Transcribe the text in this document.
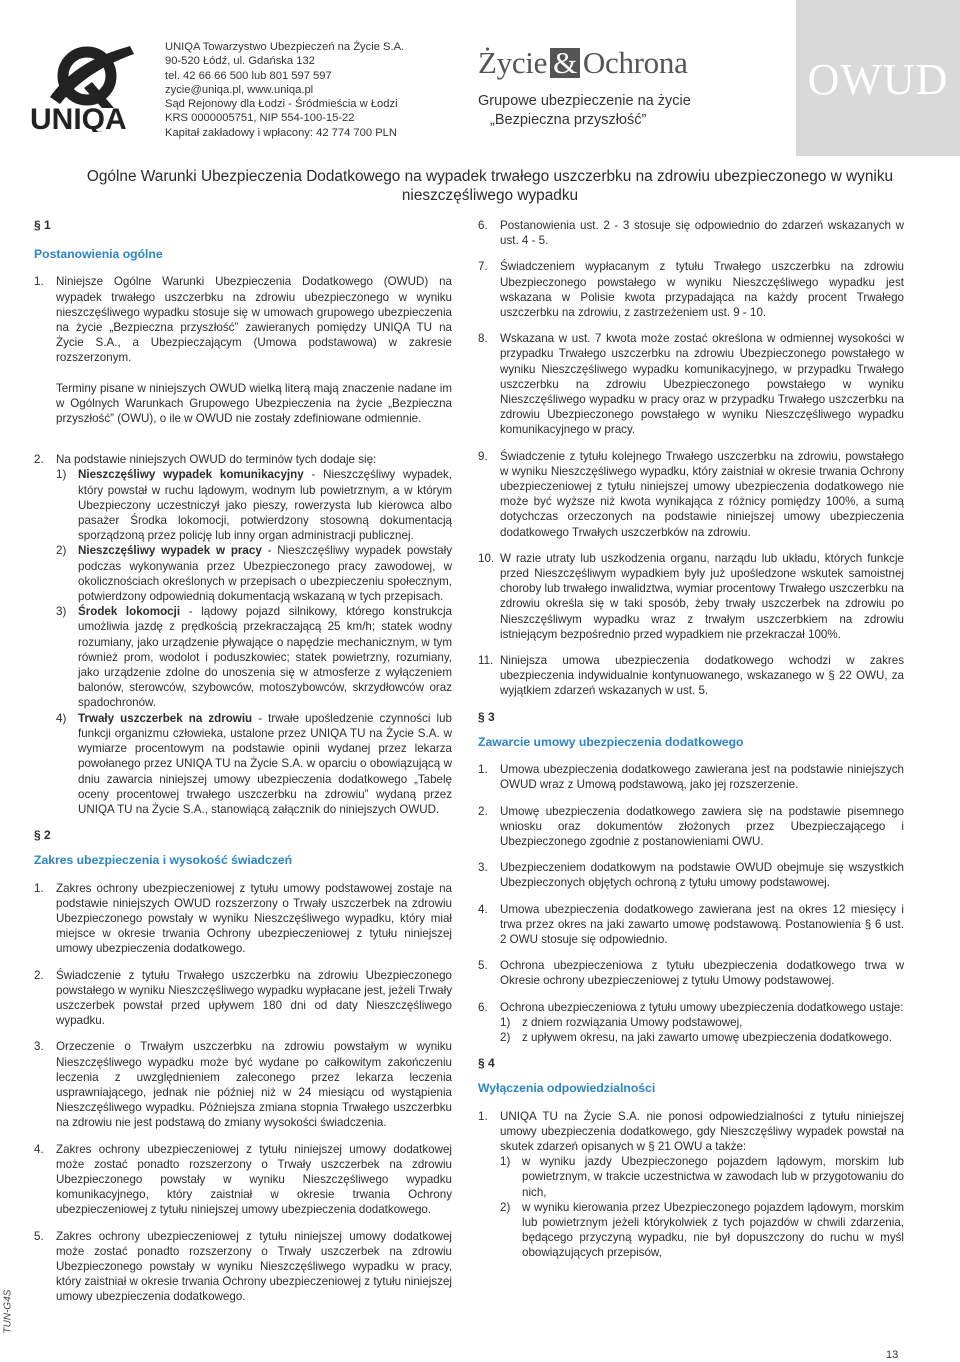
UNIQA
UNIQA Towarzystwo Ubezpieczeń na Życie S.A.
90-520 Łódź, ul. Gdańska 132
tel. 42 66 66 500 lub 801 597 597
zycie@uniqa.pl, www.uniqa.pl
Sąd Rejonowy dla Łodzi - Śródmieścia w Łodzi
KRS 0000005751, NIP 554-100-15-22
Kapitał zakładowy i wpłacony: 42 774 700 PLN
Życie & Ochrona
Grupowe ubezpieczenie na życie
„Bezpieczna przyszłość”
OWUD
Ogólne Warunki Ubezpieczenia Dodatkowego na wypadek trwałego uszczerbku na zdrowiu ubezpieczonego w wyniku nieszczęśliwego wypadku
§ 1
Postanowienia ogólne
1.	Niniejsze Ogólne Warunki Ubezpieczenia Dodatkowego (OWUD) na wypadek trwałego uszczerbku na zdrowiu ubezpieczonego w wyniku nieszczęśliwego wypadku stosuje się w umowach grupowego ubezpieczenia na życie „Bezpieczna przyszłość” zawieranych pomiędzy UNIQA TU na Życie S.A., a Ubezpieczającym (Umowa podstawowa) w zakresie rozszerzonym.

Terminy pisane w niniejszych OWUD wielką literą mają znaczenie nadane im w Ogólnych Warunkach Grupowego Ubezpieczenia na życie „Bezpieczna przyszłość” (OWU), o ile w OWUD nie zostały zdefiniowane odmiennie.

2.	Na podstawie niniejszych OWUD do terminów tych dodaje się:
1)	Nieszczęśliwy wypadek komunikacyjny - Nieszczęśliwy wypadek, który powstał w ruchu lądowym, wodnym lub powietrznym, a w którym Ubezpieczony uczestniczył jako pieszy, rowerzysta lub kierowca albo pasażer Środka lokomocji, potwierdzony stosowną dokumentacją sporządzoną przez policję lub inny organ administracji publicznej.
2)	Nieszczęśliwy wypadek w pracy - Nieszczęśliwy wypadek powstały podczas wykonywania przez Ubezpieczonego pracy zawodowej, w okolicznościach określonych w przepisach o ubezpieczeniu społecznym, potwierdzony odpowiednią dokumentacją wskazaną w tych przepisach.
3)	Środek lokomocji - lądowy pojazd silnikowy, którego konstrukcja umożliwia jazdę z prędkością przekraczającą 25 km/h; statek wodny rozumiany, jako urządzenie pływające o napędzie mechanicznym, w tym również prom, wodolot i poduszkowiec; statek powietrzny, rozumiany, jako urządzenie zdolne do unoszenia się w atmosferze z wyłączeniem balonów, sterowców, szybowców, motoszybowców, skrzydłowców oraz spadochronów.
4)	Trwały uszczerbek na zdrowiu - trwałe upośledzenie czynności lub funkcji organizmu człowieka, ustalone przez UNIQA TU na Życie S.A. w wymiarze procentowym na podstawie opinii wydanej przez lekarza powołanego przez UNIQA TU na Życie S.A. w oparciu o obowiązującą w dniu zawarcia niniejszej umowy ubezpieczenia dodatkowego „Tabelę oceny procentowej trwałego uszczerbku na zdrowiu” wydaną przez UNIQA TU na Życie S.A., stanowiącą załącznik do niniejszych OWUD.
§ 2
Zakres ubezpieczenia i wysokość świadczeń
1.	Zakres ochrony ubezpieczeniowej z tytułu umowy podstawowej zostaje na podstawie niniejszych OWUD rozszerzony o Trwały uszczerbek na zdrowiu Ubezpieczonego powstały w wyniku Nieszczęśliwego wypadku, który miał miejsce w okresie trwania Ochrony ubezpieczeniowej z tytułu niniejszej umowy ubezpieczenia dodatkowego.
2.	Świadczenie z tytułu Trwałego uszczerbku na zdrowiu Ubezpieczonego powstałego w wyniku Nieszczęśliwego wypadku wypłacane jest, jeżeli Trwały uszczerbek powstał przed upływem 180 dni od daty Nieszczęśliwego wypadku.
3.	Orzeczenie o Trwałym uszczerbku na zdrowiu powstałym w wyniku Nieszczęśliwego wypadku może być wydane po całkowitym zakończeniu leczenia z uwzględnieniem zaleconego przez lekarza leczenia usprawniającego, jednak nie później niż w 24 miesiącu od wystąpienia Nieszczęśliwego wypadku. Późniejsza zmiana stopnia Trwałego uszczerbku na zdrowiu nie jest podstawą do zmiany wysokości świadczenia.
4.	Zakres ochrony ubezpieczeniowej z tytułu niniejszej umowy dodatkowej może zostać ponadto rozszerzony o Trwały uszczerbek na zdrowiu Ubezpieczonego powstały w wyniku Nieszczęśliwego wypadku komunikacyjnego, który zaistniał w okresie trwania Ochrony ubezpieczeniowej z tytułu niniejszej umowy ubezpieczenia dodatkowego.
5.	Zakres ochrony ubezpieczeniowej z tytułu niniejszej umowy dodatkowej może zostać ponadto rozszerzony o Trwały uszczerbek na zdrowiu Ubezpieczonego powstały w wyniku Nieszczęśliwego wypadku w pracy, który zaistniał w okresie trwania Ochrony ubezpieczeniowej z tytułu niniejszej umowy ubezpieczenia dodatkowego.
6.	Postanowienia ust. 2 - 3 stosuje się odpowiednio do zdarzeń wskazanych w ust. 4 - 5.
7.	Świadczeniem wypłacanym z tytułu Trwałego uszczerbku na zdrowiu Ubezpieczonego powstałego w wyniku Nieszczęśliwego wypadku jest wskazana w Polisie kwota przypadająca na każdy procent Trwałego uszczerbku na zdrowiu, z zastrzeżeniem ust. 9 - 10.
8.	Wskazana w ust. 7 kwota może zostać określona w odmiennej wysokości w przypadku Trwałego uszczerbku na zdrowiu Ubezpieczonego powstałego w wyniku Nieszczęśliwego wypadku komunikacyjnego, w przypadku Trwałego uszczerbku na zdrowiu Ubezpieczonego powstałego w wyniku Nieszczęśliwego wypadku w pracy oraz w przypadku Trwałego uszczerbku na zdrowiu Ubezpieczonego powstałego w wyniku Nieszczęśliwego wypadku komunikacyjnego w pracy.
9.	Świadczenie z tytułu kolejnego Trwałego uszczerbku na zdrowiu, powstałego w wyniku Nieszczęśliwego wypadku, który zaistniał w okresie trwania Ochrony ubezpieczeniowej z tytułu niniejszej umowy ubezpieczenia dodatkowego nie może być wyższe niż kwota wynikająca z różnicy pomiędzy 100%, a sumą dotychczas orzeczonych na podstawie niniejszej umowy ubezpieczenia dodatkowego Trwałych uszczerbków na zdrowiu.
10. W razie utraty lub uszkodzenia organu, narządu lub układu, których funkcje przed Nieszczęśliwym wypadkiem były już upośledzone wskutek samoistnej choroby lub trwałego inwalidztwa, wymiar procentowy Trwałego uszczerbku na zdrowiu określa się w taki sposób, żeby trwały uszczerbek na zdrowiu po Nieszczęśliwym wypadku wraz z trwałym uszczerbkiem na zdrowiu istniejącym bezpośrednio przed wypadkiem nie przekraczał 100%.
11. Niniejsza umowa ubezpieczenia dodatkowego wchodzi w zakres ubezpieczenia indywidualnie kontynuowanego, wskazanego w § 22 OWU, za wyjątkiem zdarzeń wskazanych w ust. 5.
§ 3
Zawarcie umowy ubezpieczenia dodatkowego
1.	Umowa ubezpieczenia dodatkowego zawierana jest na podstawie niniejszych OWUD wraz z Umową podstawową, jako jej rozszerzenie.
2.	Umowę ubezpieczenia dodatkowego zawiera się na podstawie pisemnego wniosku oraz dokumentów złożonych przez Ubezpieczającego i Ubezpieczonego zgodnie z postanowieniami OWU.
3.	Ubezpieczeniem dodatkowym na podstawie OWUD obejmuje się wszystkich Ubezpieczonych objętych ochroną z tytułu umowy podstawowej.
4.	Umowa ubezpieczenia dodatkowego zawierana jest na okres 12 miesięcy i trwa przez okres na jaki zawarto umowę podstawową. Postanowienia § 6 ust. 2 OWU stosuje się odpowiednio.
5.	Ochrona ubezpieczeniowa z tytułu ubezpieczenia dodatkowego trwa w Okresie ochrony ubezpieczeniowej z tytułu Umowy podstawowej.
6.	Ochrona ubezpieczeniowa z tytułu umowy ubezpieczenia dodatkowego ustaje:
1)	z dniem rozwiązania Umowy podstawowej,
2)	z upływem okresu, na jaki zawarto umowę ubezpieczenia dodatkowego.
§ 4
Wyłączenia odpowiedzialności
1.	UNIQA TU na Życie S.A. nie ponosi odpowiedzialności z tytułu niniejszej umowy ubezpieczenia dodatkowego, gdy Nieszczęśliwy wypadek powstał na skutek zdarzeń opisanych w § 21 OWU a także:
1)	w wyniku jazdy Ubezpieczonego pojazdem lądowym, morskim lub powietrznym, w trakcie uczestnictwa w zawodach lub w przygotowaniu do nich,
2)	w wyniku kierowania przez Ubezpieczonego pojazdem lądowym, morskim lub powietrznym jeżeli którykolwiek z tych pojazdów w chwili zdarzenia, będącego przyczyną wypadku, nie był dopuszczony do ruchu w myśl obowiązujących przepisów,
TUN-G4S
13
